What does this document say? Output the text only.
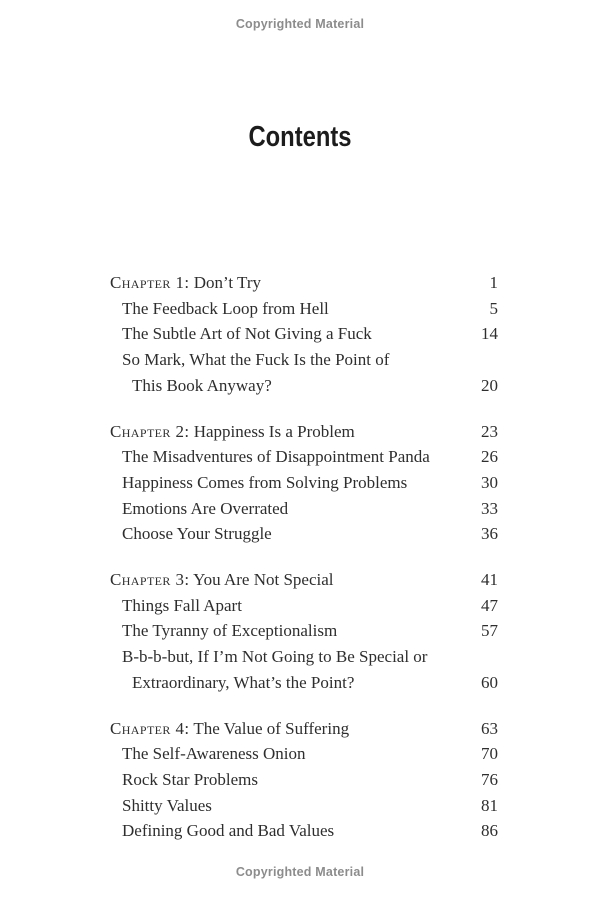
Copyrighted Material
Contents
Chapter 1: Don’t Try	1
The Feedback Loop from Hell	5
The Subtle Art of Not Giving a Fuck	14
So Mark, What the Fuck Is the Point of
This Book Anyway?	20
Chapter 2: Happiness Is a Problem	23
The Misadventures of Disappointment Panda	26
Happiness Comes from Solving Problems	30
Emotions Are Overrated	33
Choose Your Struggle	36
Chapter 3: You Are Not Special	41
Things Fall Apart	47
The Tyranny of Exceptionalism	57
B-b-b-but, If I’m Not Going to Be Special or
Extraordinary, What’s the Point?	60
Chapter 4: The Value of Suffering	63
The Self-Awareness Onion	70
Rock Star Problems	76
Shitty Values	81
Defining Good and Bad Values	86
Copyrighted Material
